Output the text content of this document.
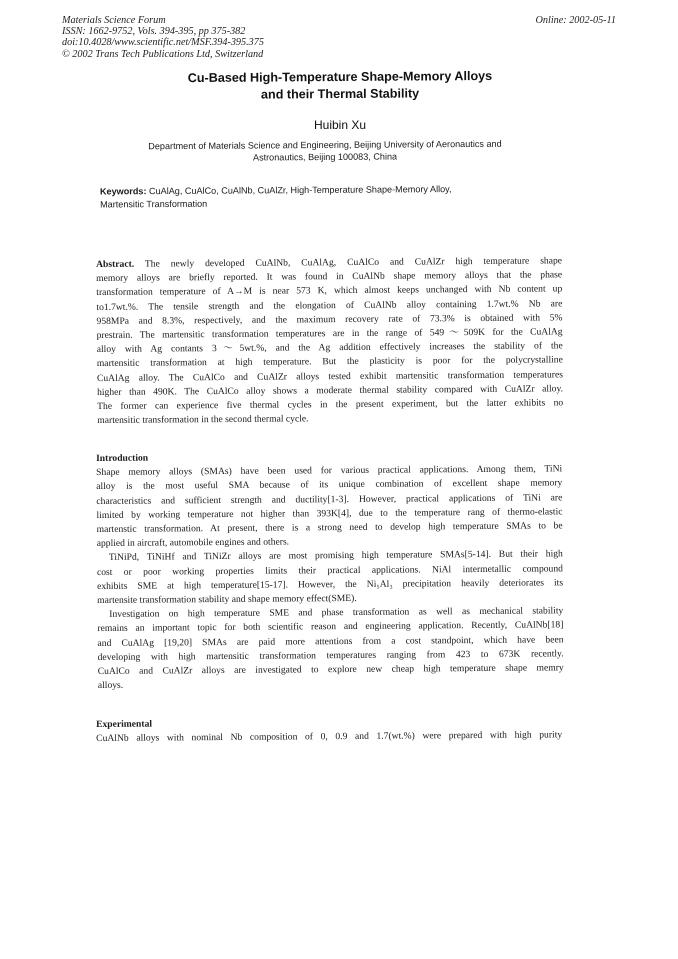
Materials Science Forum
ISSN: 1662-9752, Vols. 394-395, pp 375-382
doi:10.4028/www.scientific.net/MSF.394-395.375
© 2002 Trans Tech Publications Ltd, Switzerland
Online: 2002-05-11
Cu-Based High-Temperature Shape-Memory Alloys
and their Thermal Stability
Huibin Xu
Department of Materials Science and Engineering, Beijing University of Aeronautics and
Astronautics, Beijing 100083, China
Keywords: CuAlAg, CuAlCo, CuAlNb, CuAlZr, High-Temperature Shape-Memory Alloy,
Martensitic Transformation
Abstract. The newly developed CuAlNb, CuAlAg, CuAlCo and CuAlZr high temperature shape
memory alloys are briefly reported. It was found in CuAlNb shape memory alloys that the phase
transformation temperature of A→M is near 573 K, which almost keeps unchanged with Nb content up
to1.7wt.%. The tensile strength and the elongation of CuAlNb alloy containing 1.7wt.% Nb are
958MPa and 8.3%, respectively, and the maximum recovery rate of 73.3% is obtained with 5%
prestrain. The martensitic transformation temperatures are in the range of 549～509K for the CuAlAg
alloy with Ag contants 3～5wt.%, and the Ag addition effectively increases the stability of the
martensitic transformation at high temperature. But the plasticity is poor for the polycrystalline
CuAlAg alloy. The CuAlCo and CuAlZr alloys tested exhibit martensitic transformation temperatures
higher than 490K. The CuAlCo alloy shows a moderate thermal stability compared with CuAlZr alloy.
The former can experience five thermal cycles in the present experiment, but the latter exhibits no
martensitic transformation in the second thermal cycle.
Introduction
Shape memory alloys (SMAs) have been used for various practical applications. Among them, TiNi
alloy is the most useful SMA because of its unique combination of excellent shape memory
characteristics and sufficient strength and ductility[1-3]. However, practical applications of TiNi are
limited by working temperature not higher than 393K[4], due to the temperature rang of thermo-elastic
martenstic transformation. At present, there is a strong need to develop high temperature SMAs to be
applied in aircraft, automobile engines and others.
TiNiPd, TiNiHf and TiNiZr alloys are most promising high temperature SMAs[5-14]. But their high
cost or poor working properties limits their practical applications. NiAl intermetallic compound
exhibits SME at high temperature[15-17]. However, the Ni₅Al₃ precipitation heavily deteriorates its
martensite transformation stability and shape memory effect(SME).
Investigation on high temperature SME and phase transformation as well as mechanical stability
remains an important topic for both scientific reason and engineering application. Recently, CuAlNb[18]
and CuAlAg [19,20] SMAs are paid more attentions from a cost standpoint, which have been
developing with high martensitic transformation temperatures ranging from 423 to 673K recently.
CuAlCo and CuAlZr alloys are investigated to explore new cheap high temperature shape memry
alloys.
Experimental
CuAlNb alloys with nominal Nb composition of 0, 0.9 and 1.7(wt.%) were prepared with high purity
